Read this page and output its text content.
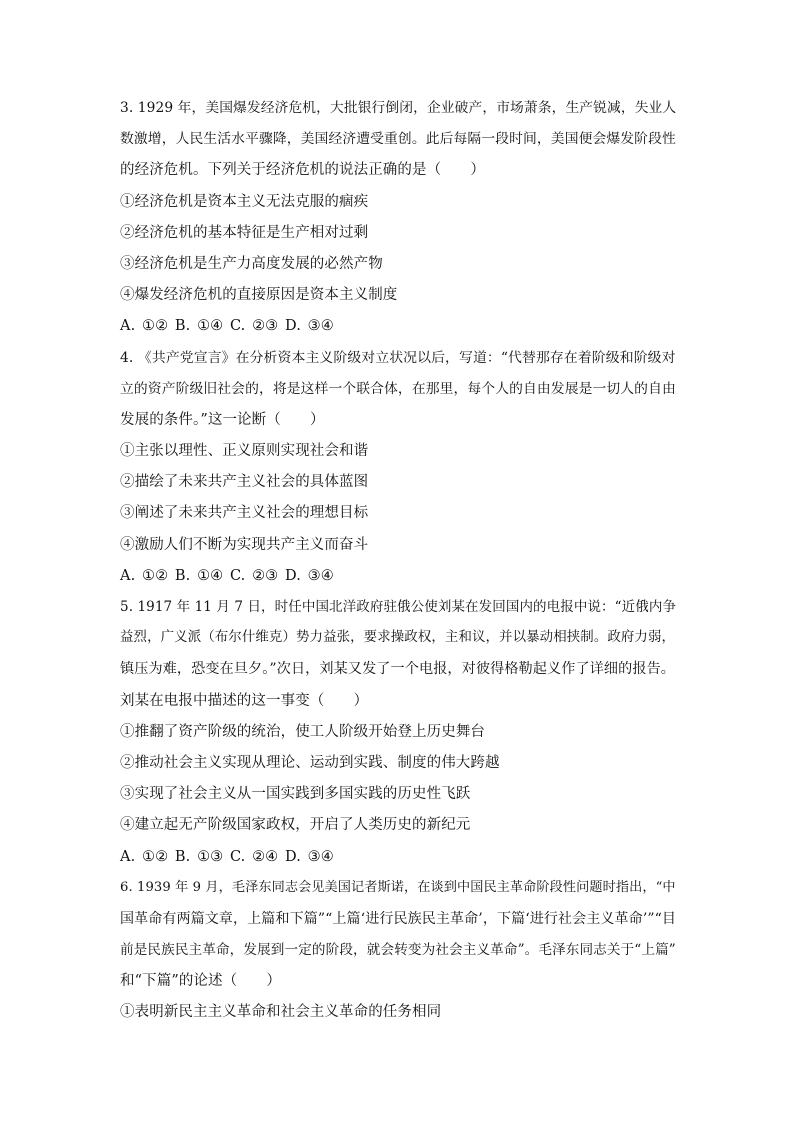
3. 1929 年，美国爆发经济危机，大批银行倒闭，企业破产，市场萧条，生产锐减，失业人
数激增，人民生活水平骤降，美国经济遭受重创。此后每隔一段时间，美国便会爆发阶段性
的经济危机。下列关于经济危机的说法正确的是（　　）
①经济危机是资本主义无法克服的痼疾
②经济危机的基本特征是生产相对过剩
③经济危机是生产力高度发展的必然产物
④爆发经济危机的直接原因是资本主义制度
A. ①② B. ①④ C. ②③ D. ③④
4. 《共产党宣言》在分析资本主义阶级对立状况以后，写道：“代替那存在着阶级和阶级对
立的资产阶级旧社会的，将是这样一个联合体，在那里，每个人的自由发展是一切人的自由
发展的条件。”这一论断（　　）
①主张以理性、正义原则实现社会和谐
②描绘了未来共产主义社会的具体蓝图
③阐述了未来共产主义社会的理想目标
④激励人们不断为实现共产主义而奋斗
A. ①② B. ①④ C. ②③ D. ③④
5. 1917 年 11 月 7 日，时任中国北洋政府驻俄公使刘某在发回国内的电报中说：“近俄内争
益烈，广义派（布尔什维克）势力益张，要求操政权，主和议，并以暴动相挟制。政府力弱，
镇压为难，恐变在旦夕。”次日，刘某又发了一个电报，对彼得格勒起义作了详细的报告。
刘某在电报中描述的这一事变（　　）
①推翻了资产阶级的统治，使工人阶级开始登上历史舞台
②推动社会主义实现从理论、运动到实践、制度的伟大跨越
③实现了社会主义从一国实践到多国实践的历史性飞跃
④建立起无产阶级国家政权，开启了人类历史的新纪元
A. ①② B. ①③ C. ②④ D. ③④
6. 1939 年 9 月，毛泽东同志会见美国记者斯诺，在谈到中国民主革命阶段性问题时指出，“中
国革命有两篇文章，上篇和下篇”“上篇‘进行民族民主革命’，下篇‘进行社会主义革命’”“目
前是民族民主革命，发展到一定的阶段，就会转变为社会主义革命”。毛泽东同志关于“上篇”
和“下篇”的论述（　　）
①表明新民主主义革命和社会主义革命的任务相同
